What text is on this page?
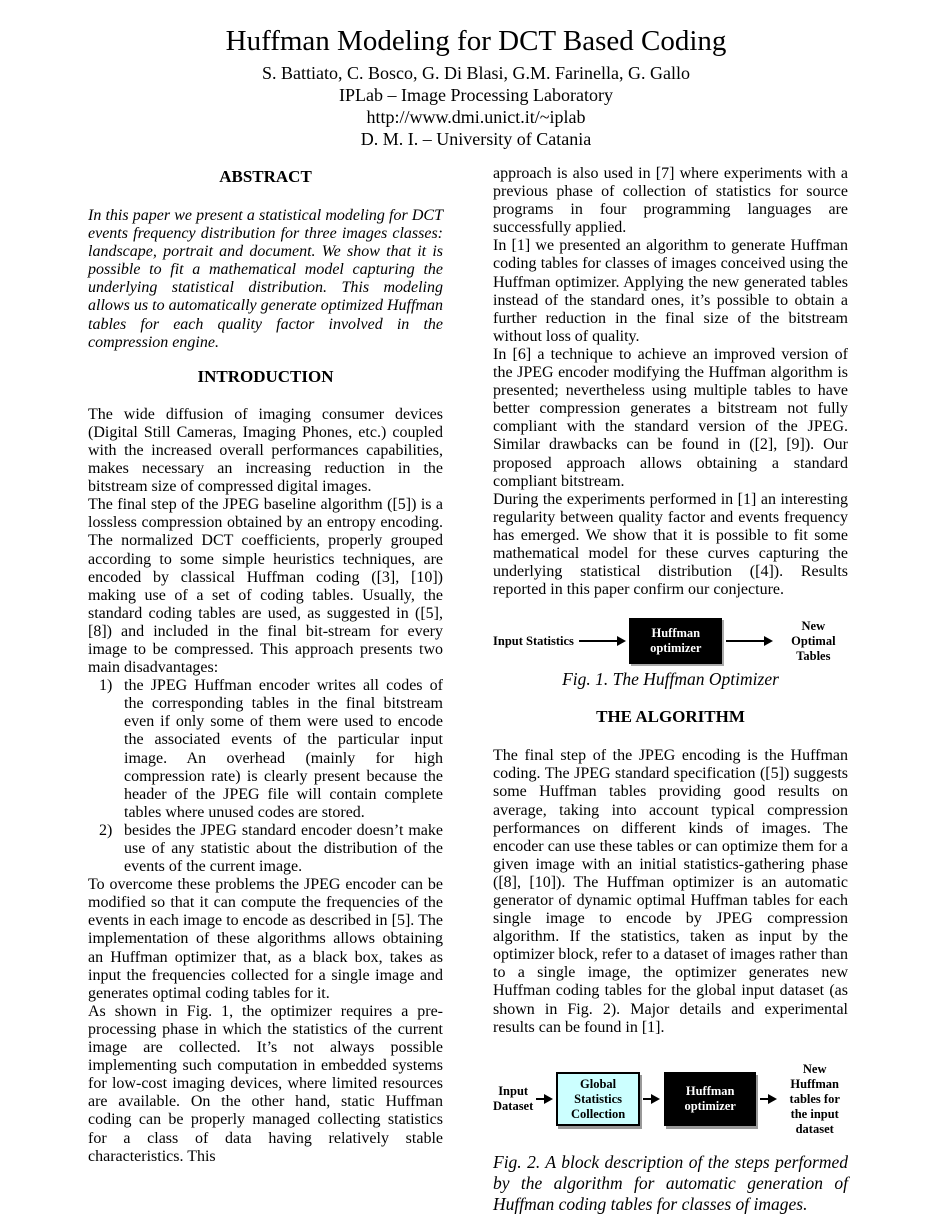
Huffman Modeling for DCT Based Coding
S. Battiato, C. Bosco, G. Di Blasi, G.M. Farinella, G. Gallo
IPLab – Image Processing Laboratory
http://www.dmi.unict.it/~iplab
D. M. I. – University of Catania
ABSTRACT
In this paper we present a statistical modeling for DCT events frequency distribution for three images classes: landscape, portrait and document. We show that it is possible to fit a mathematical model capturing the underlying statistical distribution. This modeling allows us to automatically generate optimized Huffman tables for each quality factor involved in the compression engine.
INTRODUCTION

The wide diffusion of imaging consumer devices (Digital Still Cameras, Imaging Phones, etc.) coupled with the increased overall performances capabilities, makes necessary an increasing reduction in the bitstream size of compressed digital images.

The final step of the JPEG baseline algorithm ([5]) is a lossless compression obtained by an entropy encoding. The normalized DCT coefficients, properly grouped according to some simple heuristics techniques, are encoded by classical Huffman coding ([3], [10]) making use of a set of coding tables. Usually, the standard coding tables are used, as suggested in ([5], [8]) and included in the final bit-stream for every image to be compressed. This approach presents two main disadvantages:

1) the JPEG Huffman encoder writes all codes of the corresponding tables in the final bitstream even if only some of them were used to encode the associated events of the particular input image. An overhead (mainly for high compression rate) is clearly present because the header of the JPEG file will contain complete tables where unused codes are stored.
2) besides the JPEG standard encoder doesn’t make use of any statistic about the distribution of the events of the current image.

To overcome these problems the JPEG encoder can be modified so that it can compute the frequencies of the events in each image to encode as described in [5]. The implementation of these algorithms allows obtaining an Huffman optimizer that, as a black box, takes as input the frequencies collected for a single image and generates optimal coding tables for it.

As shown in Fig. 1, the optimizer requires a pre-processing phase in which the statistics of the current image are collected. It’s not always possible implementing such computation in embedded systems for low-cost imaging devices, where limited resources are available. On the other hand, static Huffman coding can be properly managed collecting statistics for a class of data having relatively stable characteristics. This

approach is also used in [7] where experiments with a previous phase of collection of statistics for source programs in four programming languages are successfully applied.

In [1] we presented an algorithm to generate Huffman coding tables for classes of images conceived using the Huffman optimizer. Applying the new generated tables instead of the standard ones, it’s possible to obtain a further reduction in the final size of the bitstream without loss of quality.

In [6] a technique to achieve an improved version of the JPEG encoder modifying the Huffman algorithm is presented; nevertheless using multiple tables to have better compression generates a bitstream not fully compliant with the standard version of the JPEG. Similar drawbacks can be found in ([2], [9]). Our proposed approach allows obtaining a standard compliant bitstream.

During the experiments performed in [1] an interesting regularity between quality factor and events frequency has emerged. We show that it is possible to fit some mathematical model for these curves capturing the underlying statistical distribution ([4]). Results reported in this paper confirm our conjecture.

Input Statistics
Huffman optimizer
New Optimal Tables
Fig. 1. The Huffman Optimizer
THE ALGORITHM

The final step of the JPEG encoding is the Huffman coding. The JPEG standard specification ([5]) suggests some Huffman tables providing good results on average, taking into account typical compression performances on different kinds of images. The encoder can use these tables or can optimize them for a given image with an initial statistics-gathering phase ([8], [10]). The Huffman optimizer is an automatic generator of dynamic optimal Huffman tables for each single image to encode by JPEG compression algorithm. If the statistics, taken as input by the optimizer block, refer to a dataset of images rather than to a single image, the optimizer generates new Huffman coding tables for the global input dataset (as shown in Fig. 2). Major details and experimental results can be found in [1].

Input Dataset
Global Statistics Collection
Huffman optimizer
New Huffman tables for the input dataset
Fig. 2. A block description of the steps performed by the algorithm for automatic generation of Huffman coding tables for classes of images.
